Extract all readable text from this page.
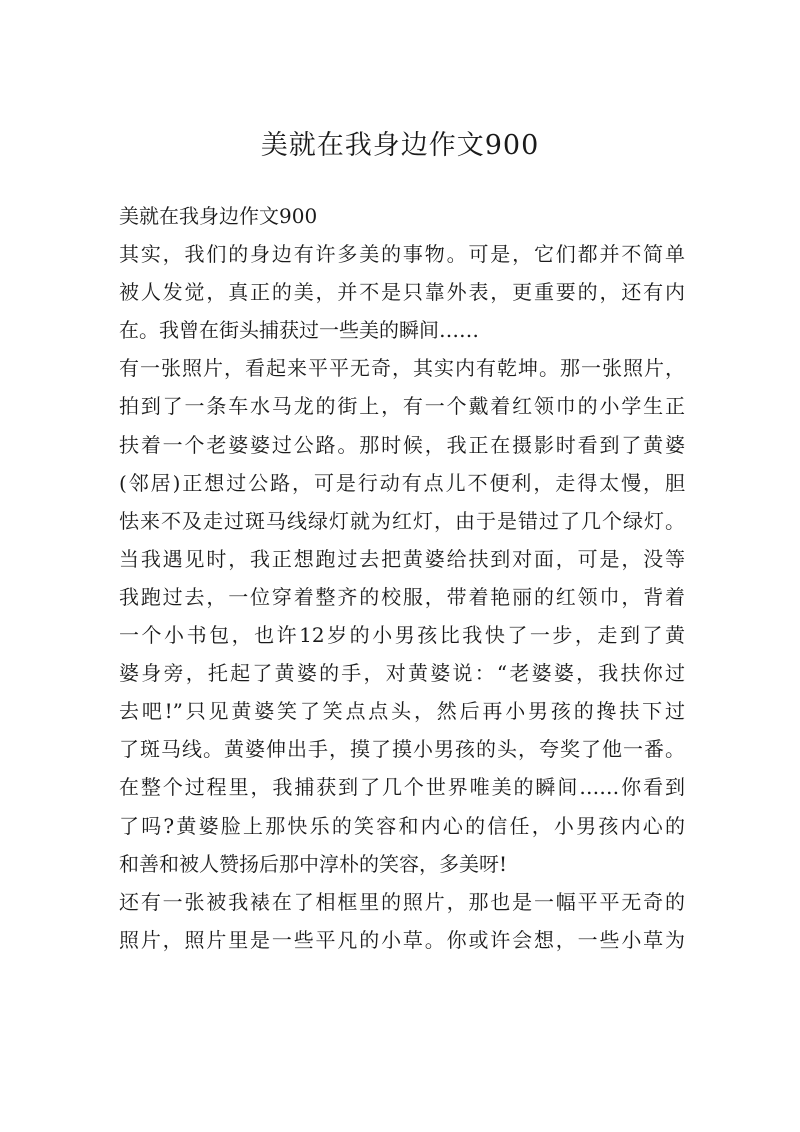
美就在我身边作文900
美就在我身边作文900
其实，我们的身边有许多美的事物。可是，它们都并不简单
被人发觉，真正的美，并不是只靠外表，更重要的，还有内
在。我曾在街头捕获过一些美的瞬间……
有一张照片，看起来平平无奇，其实内有乾坤。那一张照片，
拍到了一条车水马龙的街上，有一个戴着红领巾的小学生正
扶着一个老婆婆过公路。那时候，我正在摄影时看到了黄婆
(邻居)正想过公路，可是行动有点儿不便利，走得太慢，胆
怯来不及走过斑马线绿灯就为红灯，由于是错过了几个绿灯。
当我遇见时，我正想跑过去把黄婆给扶到对面，可是，没等
我跑过去，一位穿着整齐的校服，带着艳丽的红领巾，背着
一个小书包，也许12岁的小男孩比我快了一步，走到了黄
婆身旁，托起了黄婆的手，对黄婆说：“老婆婆，我扶你过
去吧!”只见黄婆笑了笑点点头，然后再小男孩的搀扶下过
了斑马线。黄婆伸出手，摸了摸小男孩的头，夸奖了他一番。
在整个过程里，我捕获到了几个世界唯美的瞬间……你看到
了吗?黄婆脸上那快乐的笑容和内心的信任，小男孩内心的
和善和被人赞扬后那中淳朴的笑容，多美呀!
还有一张被我裱在了相框里的照片，那也是一幅平平无奇的
照片，照片里是一些平凡的小草。你或许会想，一些小草为
